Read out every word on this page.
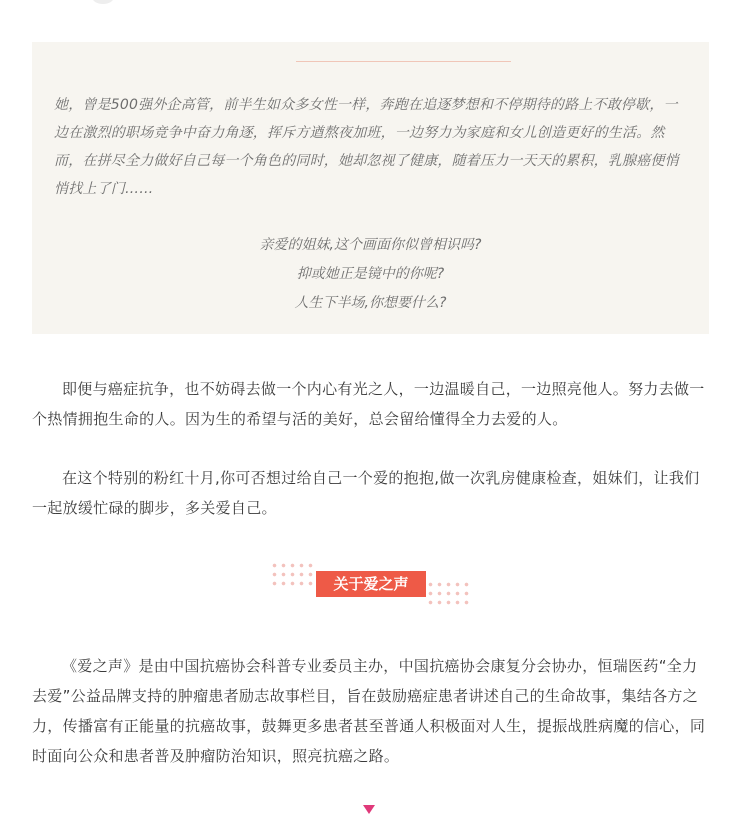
她，曾是500强外企高管，前半生如众多女性一样，奔跑在追逐梦想和不停期待的路上不敢停歇，一边在激烈的职场竞争中奋力角逐，挥斥方遒熬夜加班，一边努力为家庭和女儿创造更好的生活。然而，在拼尽全力做好自己每一个角色的同时，她却忽视了健康，随着压力一天天的累积，乳腺癌便悄悄找上了门……

亲爱的姐妹,这个画面你似曾相识吗?
抑或她正是镜中的你呢?
人生下半场,你想要什么?

即便与癌症抗争，也不妨碍去做一个内心有光之人，一边温暖自己，一边照亮他人。努力去做一个热情拥抱生命的人。因为生的希望与活的美好，总会留给懂得全力去爱的人。

在这个特别的粉红十月,你可否想过给自己一个爱的抱抱,做一次乳房健康检查，姐妹们，让我们一起放缓忙碌的脚步，多关爱自己。

关于爱之声

《爱之声》是由中国抗癌协会科普专业委员主办，中国抗癌协会康复分会协办，恒瑞医药“全力去爱”公益品牌支持的肿瘤患者励志故事栏目，旨在鼓励癌症患者讲述自己的生命故事，集结各方之力，传播富有正能量的抗癌故事，鼓舞更多患者甚至普通人积极面对人生，提振战胜病魔的信心，同时面向公众和患者普及肿瘤防治知识，照亮抗癌之路。
